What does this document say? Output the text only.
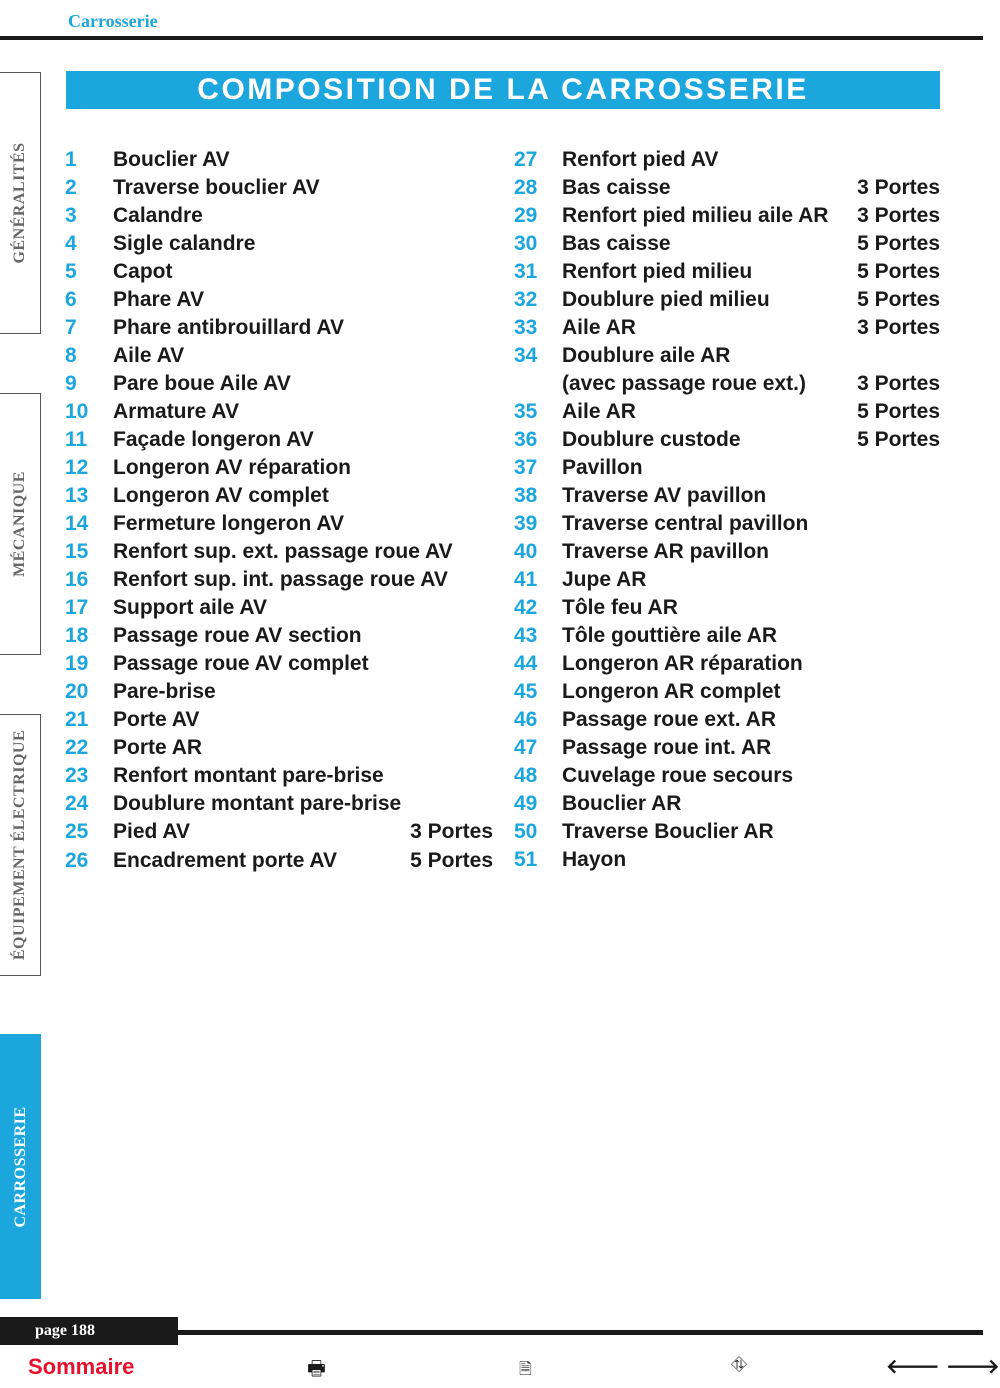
Carrosserie
GÉNÉRALITÉS
MÉCANIQUE
ÉQUIPEMENT ÉLECTRIQUE
CARROSSERIE
COMPOSITION DE LA CARROSSERIE
1 Bouclier AV
2 Traverse bouclier AV
3 Calandre
4 Sigle calandre
5 Capot
6 Phare AV
7 Phare antibrouillard AV
8 Aile AV
9 Pare boue Aile AV
10 Armature AV
11 Façade longeron AV
12 Longeron AV réparation
13 Longeron AV complet
14 Fermeture longeron AV
15 Renfort sup. ext. passage roue AV
16 Renfort sup. int. passage roue AV
17 Support aile AV
18 Passage roue AV section
19 Passage roue AV complet
20 Pare-brise
21 Porte AV
22 Porte AR
23 Renfort montant pare-brise
24 Doublure montant pare-brise
25 Pied AV	3 Portes
26 Encadrement porte AV	5 Portes
27 Renfort pied AV
28 Bas caisse	3 Portes
29 Renfort pied milieu aile AR 3 Portes
30 Bas caisse	5 Portes
31 Renfort pied milieu	5 Portes
32 Doublure pied milieu	5 Portes
33 Aile AR	3 Portes
34 Doublure aile AR
(avec passage roue ext.) 3 Portes
35 Aile AR	5 Portes
36 Doublure custode	5 Portes
37 Pavillon
38 Traverse AV pavillon
39 Traverse central pavillon
40 Traverse AR pavillon
41 Jupe AR
42 Tôle feu AR
43 Tôle gouttière aile AR
44 Longeron AR réparation
45 Longeron AR complet
46 Passage roue ext. AR
47 Passage roue int. AR
48 Cuvelage roue secours
49 Bouclier AR
50 Traverse Bouclier AR
51 Hayon
page 188
Sommaire	🖶	🗎	⛗	🡐 🡒
